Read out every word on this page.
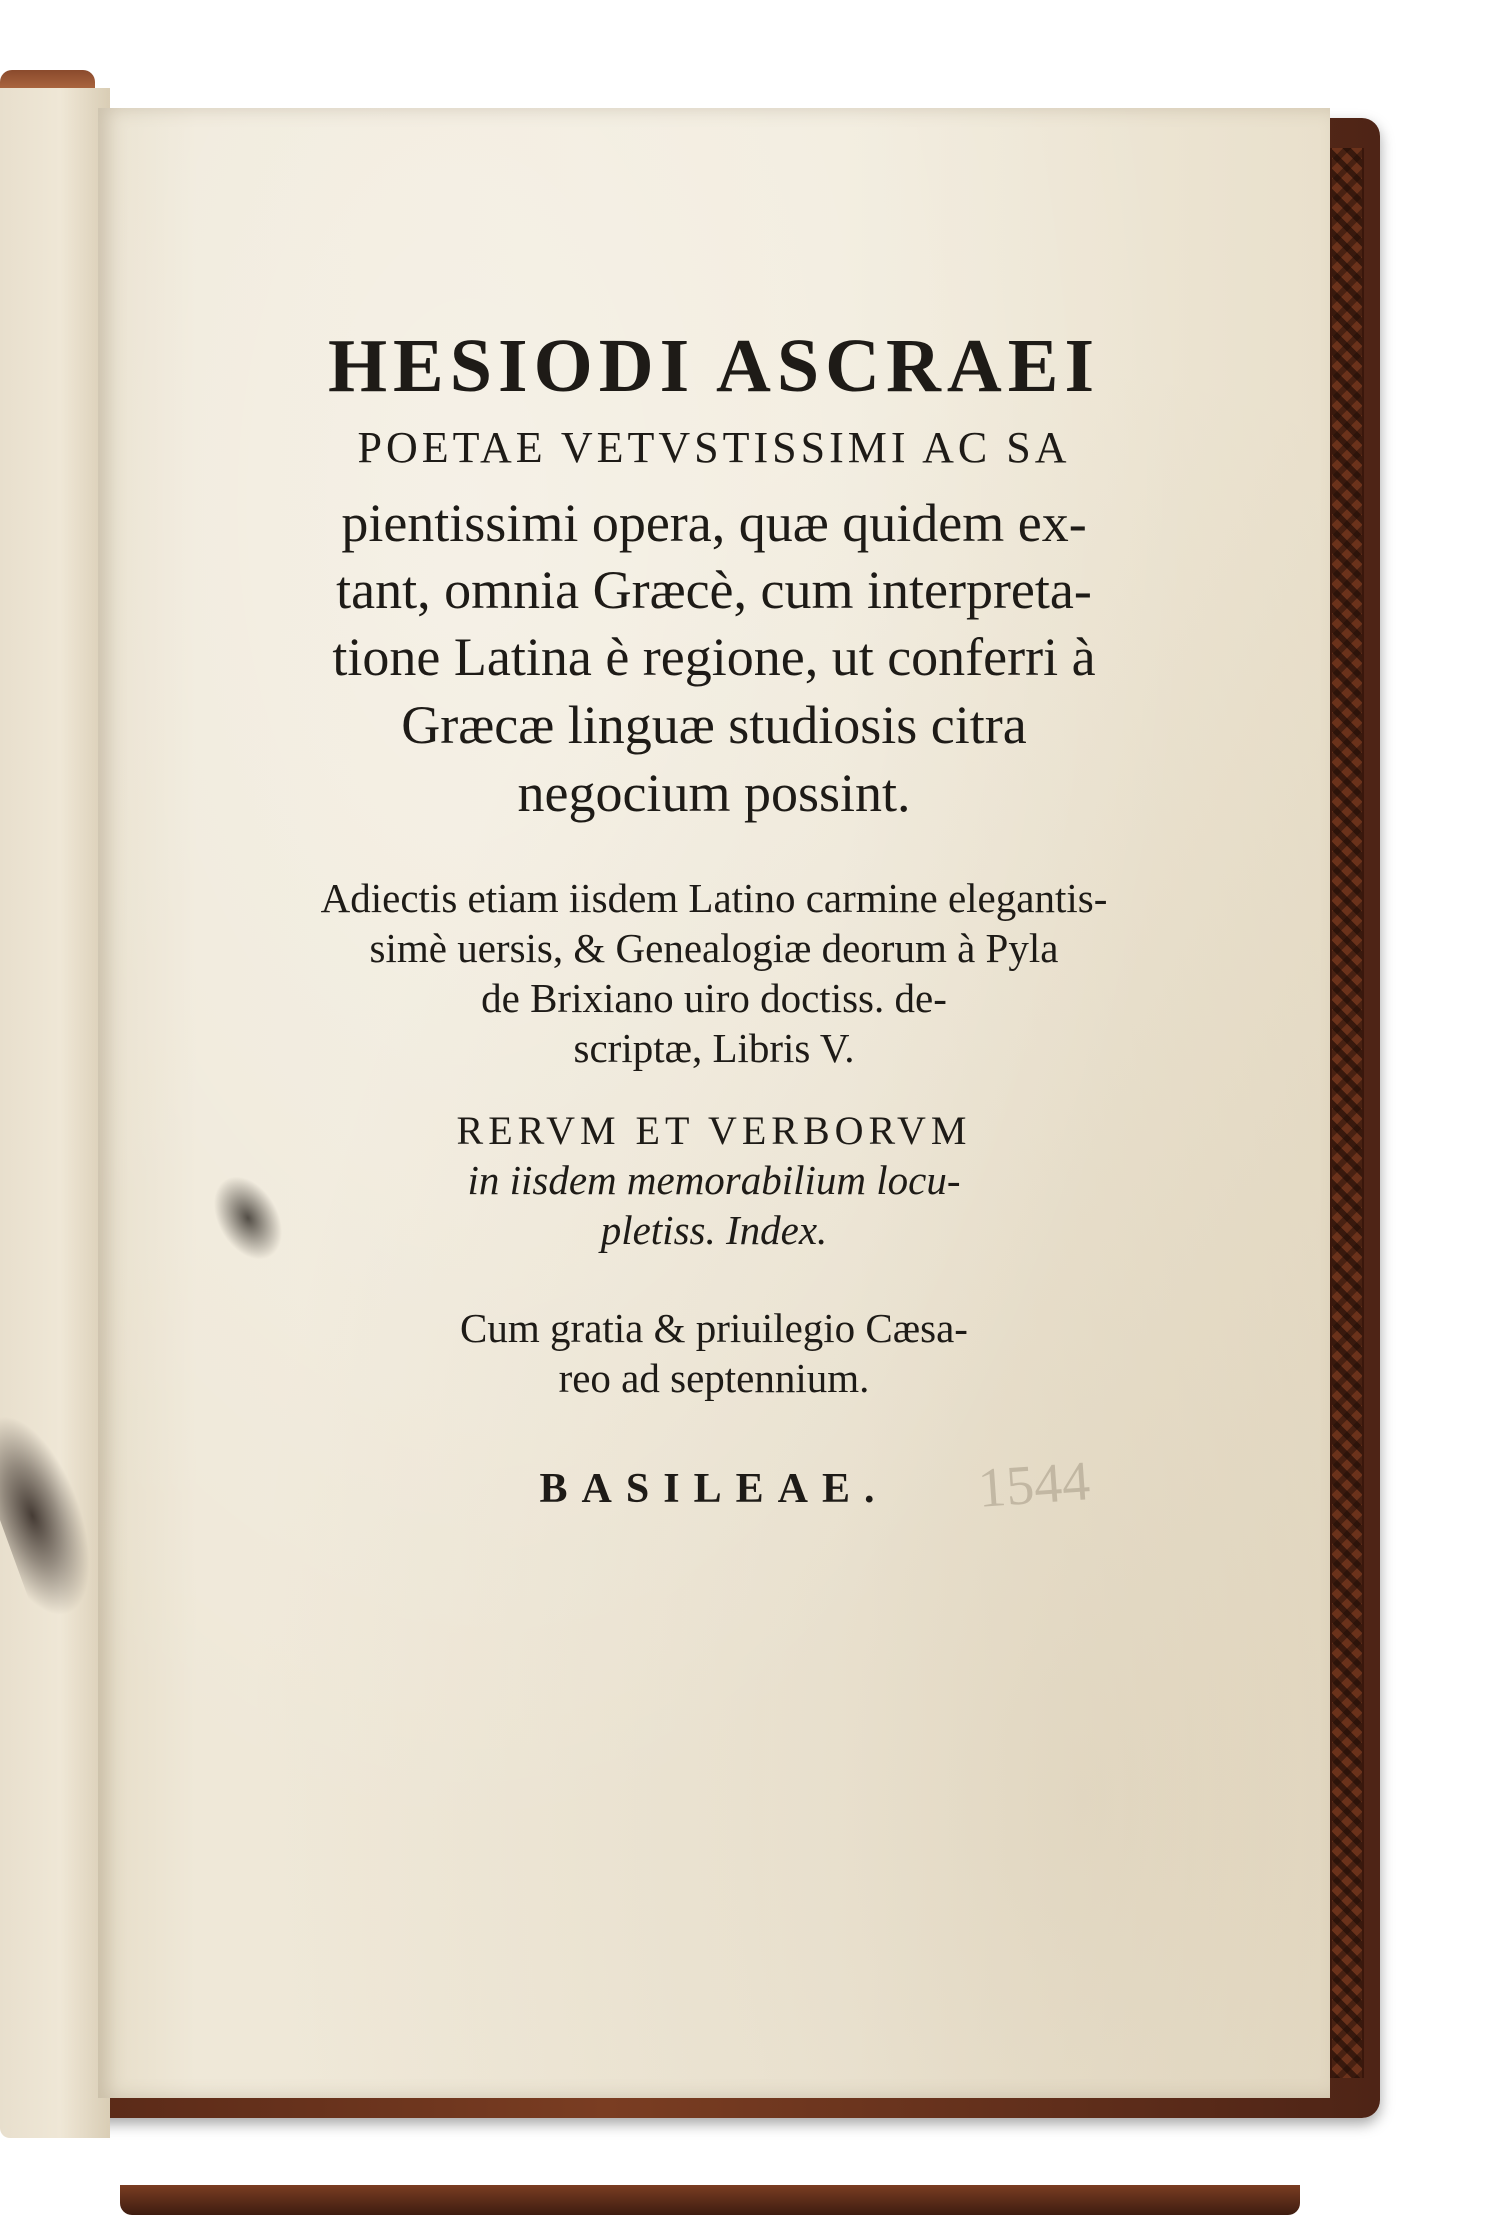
HESIODI ASCRAEI
POETAE VETVSTISSIMI AC SA
pientissimi opera, quæ quidem ex-
tant, omnia Græcè, cum interpreta-
tione Latina è regione, ut conferri à
Græcæ linguæ studiosis citra
negocium possint.
Adiectis etiam iisdem Latino carmine elegantis-
simè uersis, & Genealogiæ deorum à Pyla
de Brixiano uiro doctiss. de-
scriptæ, Libris V.
RERVM ET VERBORVM
in iisdem memorabilium locu-
pletiss. Index.
Cum gratia & priuilegio Cæsa-
reo ad septennium.
BASILEAE.	1544
